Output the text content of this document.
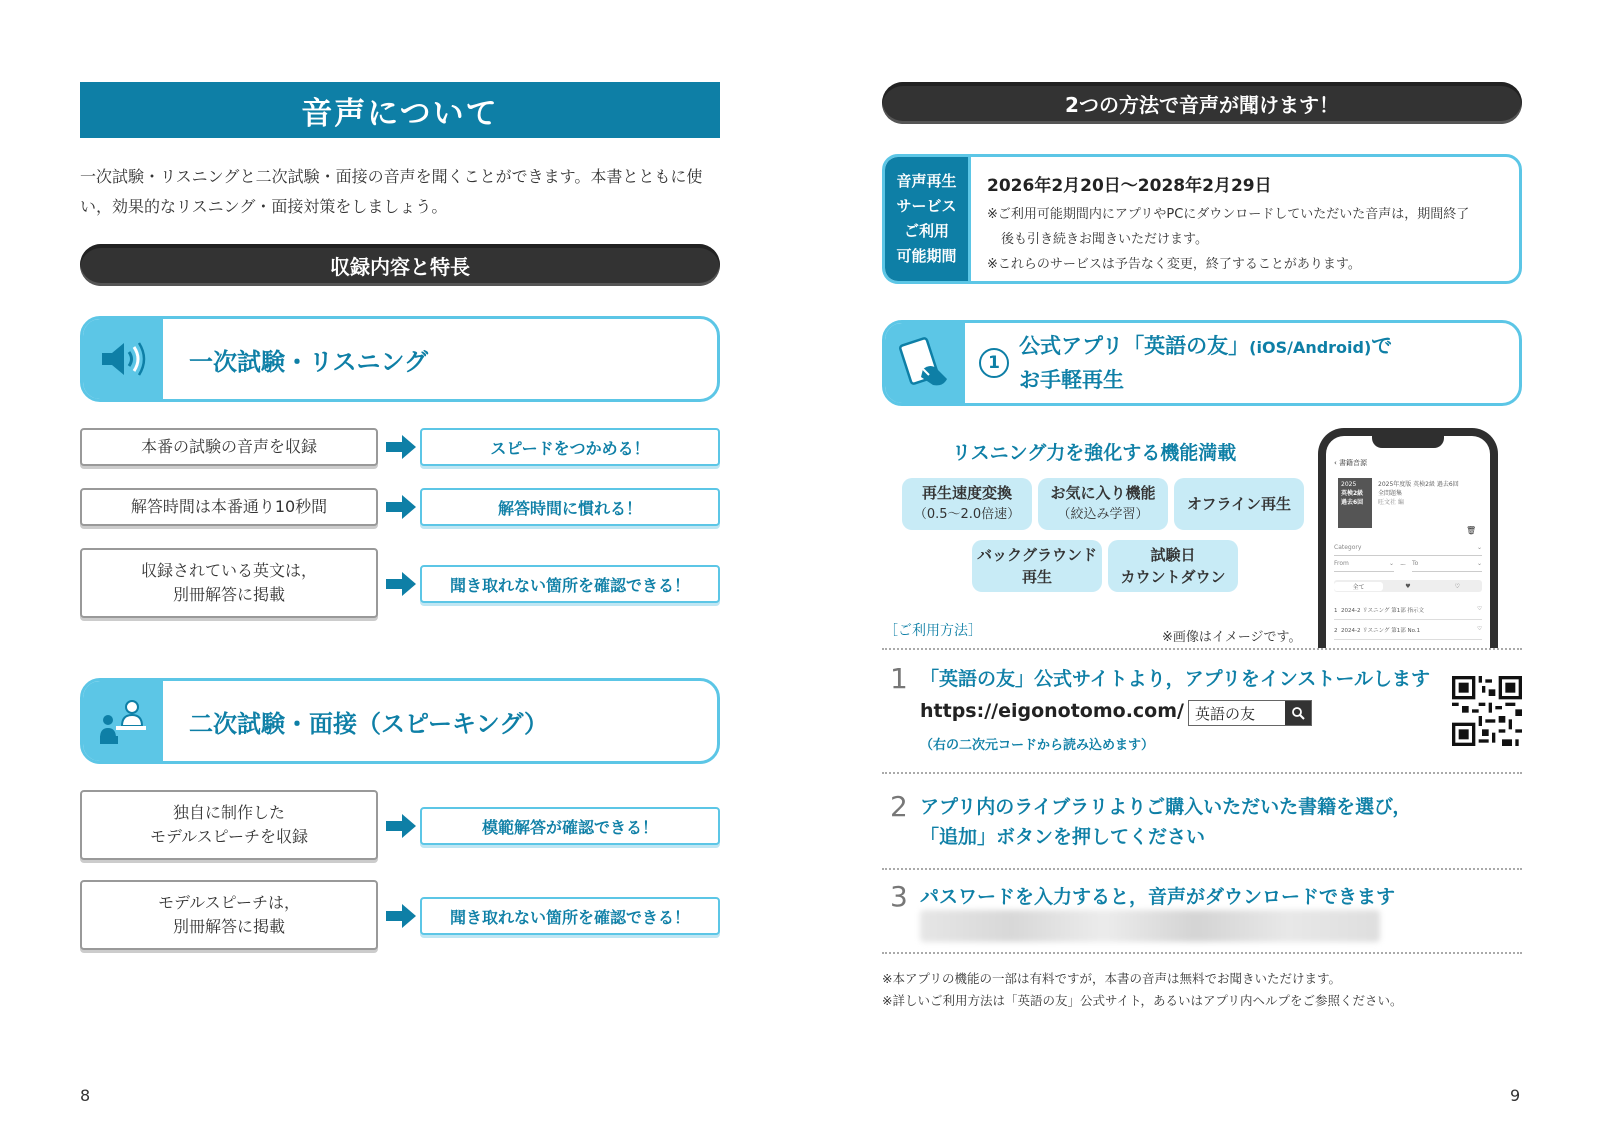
音声について
一次試験・リスニングと二次試験・面接の音声を聞くことができます。本書とともに使
い，効果的なリスニング・面接対策をしましょう。
収録内容と特長
一次試験・リスニング
本番の試験の音声を収録	スピードをつかめる！
解答時間は本番通り10秒間	解答時間に慣れる！
収録されている英文は，
別冊解答に掲載	聞き取れない箇所を確認できる！
二次試験・面接（スピーキング）
独自に制作した
モデルスピーチを収録	模範解答が確認できる！
モデルスピーチは，
別冊解答に掲載	聞き取れない箇所を確認できる！
8
2つの方法で音声が聞けます！
音声再生
サービス
ご利用
可能期間
2026年2月20日〜2028年2月29日
※ご利用可能期間内にアプリやPCにダウンロードしていただいた音声は，期間終了
後も引き続きお聞きいただけます。
※これらのサービスは予告なく変更，終了することがあります。
1
公式アプリ「英語の友」(iOS/Android)で
お手軽再生
リスニング力を強化する機能満載
再生速度変換
（0.5〜2.0倍速）
お気に入り機能
（絞込み学習）
オフライン再生
バックグラウンド
再生
試験日
カウントダウン
‹ 書籍音源
2025
英検2級過去6回
2025年度版 英検2級 過去6回
全問題集
旺文社 編
🗑
Category	⌄
From	⌄ 〜 To	⌄
全て	♥	♡
1 2024-2 リスニング 第1部 指示文	♡
2 2024-2 リスニング 第1部 No.1	♡
［ご利用方法］	※画像はイメージです。
1 「英語の友」公式サイトより，アプリをインストールします
https://eigonotomo.com/ 英語の友
（右の二次元コードから読み込めます）
2 アプリ内のライブラリよりご購入いただいた書籍を選び，
「追加」ボタンを押してください
3 パスワードを入力すると，音声がダウンロードできます
※本アプリの機能の一部は有料ですが，本書の音声は無料でお聞きいただけます。
※詳しいご利用方法は「英語の友」公式サイト，あるいはアプリ内ヘルプをご参照ください。
9
